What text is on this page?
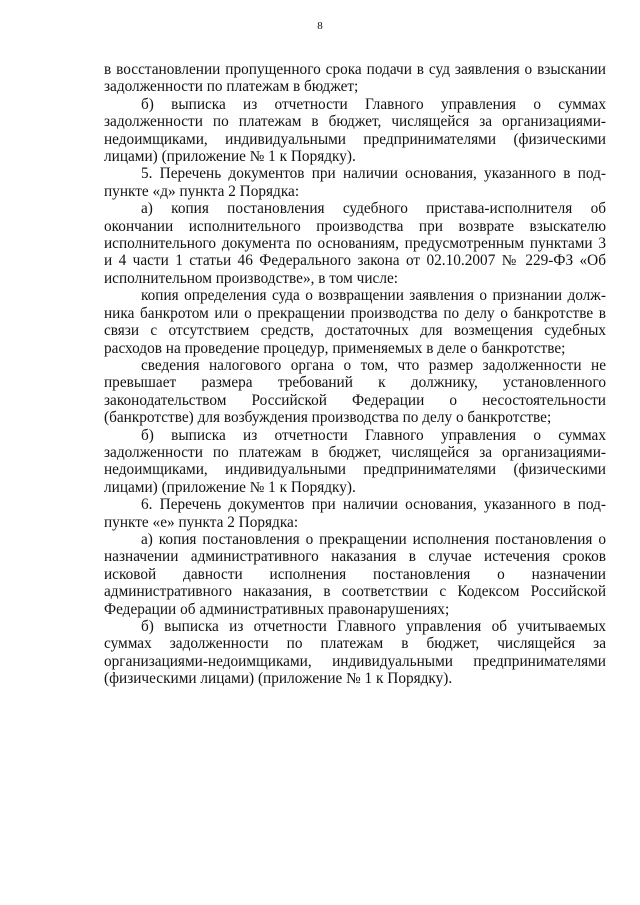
8

в восстановлении пропущенного срока подачи в суд заявления о взыскании задолженности по платежам в бюджет;

б) выписка из отчетности Главного управления о суммах задолженности по платежам в бюджет, числящейся за организациями-недоимщиками, индивидуальными предпринимателями (физическими лицами) (приложение № 1 к Порядку).

5. Перечень документов при наличии основания, указанного в подпункте «д» пункта 2 Порядка:

а) копия постановления судебного пристава-исполнителя об окончании исполнительного производства при возврате взыскателю исполнительного документа по основаниям, предусмотренным пунктами 3 и 4 части 1 статьи 46 Федерального закона от 02.10.2007 № 229-ФЗ «Об исполнительном производстве», в том числе:

копия определения суда о возвращении заявления о признании должника банкротом или о прекращении производства по делу о банкротстве в связи с отсутствием средств, достаточных для возмещения судебных расходов на проведение процедур, применяемых в деле о банкротстве;

сведения налогового органа о том, что размер задолженности не превышает размера требований к должнику, установленного законодательством Российской Федерации о несостоятельности (банкротстве) для возбуждения производства по делу о банкротстве;

б) выписка из отчетности Главного управления о суммах задолженности по платежам в бюджет, числящейся за организациями-недоимщиками, индивидуальными предпринимателями (физическими лицами) (приложение № 1 к Порядку).

6. Перечень документов при наличии основания, указанного в подпункте «е» пункта 2 Порядка:

а) копия постановления о прекращении исполнения постановления о назначении административного наказания в случае истечения сроков исковой давности исполнения постановления о назначении административного наказания, в соответствии с Кодексом Российской Федерации об административных правонарушениях;

б) выписка из отчетности Главного управления об учитываемых суммах задолженности по платежам в бюджет, числящейся за организациями-недоимщиками, индивидуальными предпринимателями (физическими лицами) (приложение № 1 к Порядку).
